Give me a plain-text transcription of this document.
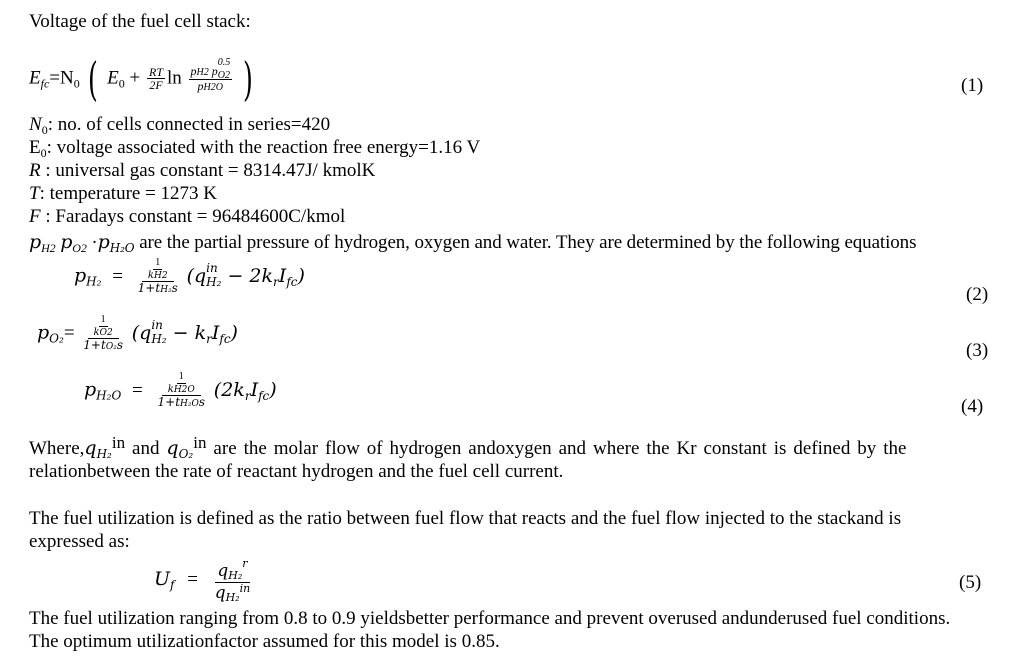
Voltage of the fuel cell stack:
$E_{fc}=N_0$ ( $E_0 + \frac{RT}{2F}$ ln pH2 p
0.5
O2
pH2O )	(1)
$N_0$: no. of cells connected in series=420
$E_0$: voltage associated with the reaction free energy=1.16 V
R : universal gas constant = 8314.47J/ kmolK
T: temperature = 1273 K
F : Faradays constant = 96484600C/kmol
$p_{H2}$ $p_{O2} \cdot p_{H_2O}$ are the partial pressure of hydrogen, oxygen and water. They are determined by the following equations
$p_{H_2} = \frac{\frac{1}{kH2}}{\text{1+tH₂s}} (q$ in
$H_2 - 2k_rI_{fc}$)
(2)
$p_{O_2}= \frac{\frac{1}{kO2}}{\text{1+tO₂s}} (q$ in
$H_2 - k_rI_{fc}$)
(3)
$p_{H_2O} = \frac{\frac{1}{kH2O}}{\text{1+tH₂Os}} (2k_rI_{fc})$
(4)
$Where,q_{H_2}in$ and $q_{O_2}in$ are the molar flow of hydrogen andoxygen and where the Kr constant is defined by the
relationbetween the rate of reactant hydrogen and the fuel cell current.
The fuel utilization is defined as the ratio between fuel flow that reacts and the fuel flow injected to the stackand is
expressed as:
$U_f = \frac{qH_2^r}{qH_2^{in}}$	(5)
The fuel utilization ranging from 0.8 to 0.9 yieldsbetter performance and prevent overused andunderused fuel conditions.
The optimum utilizationfactor assumed for this model is 0.85.
